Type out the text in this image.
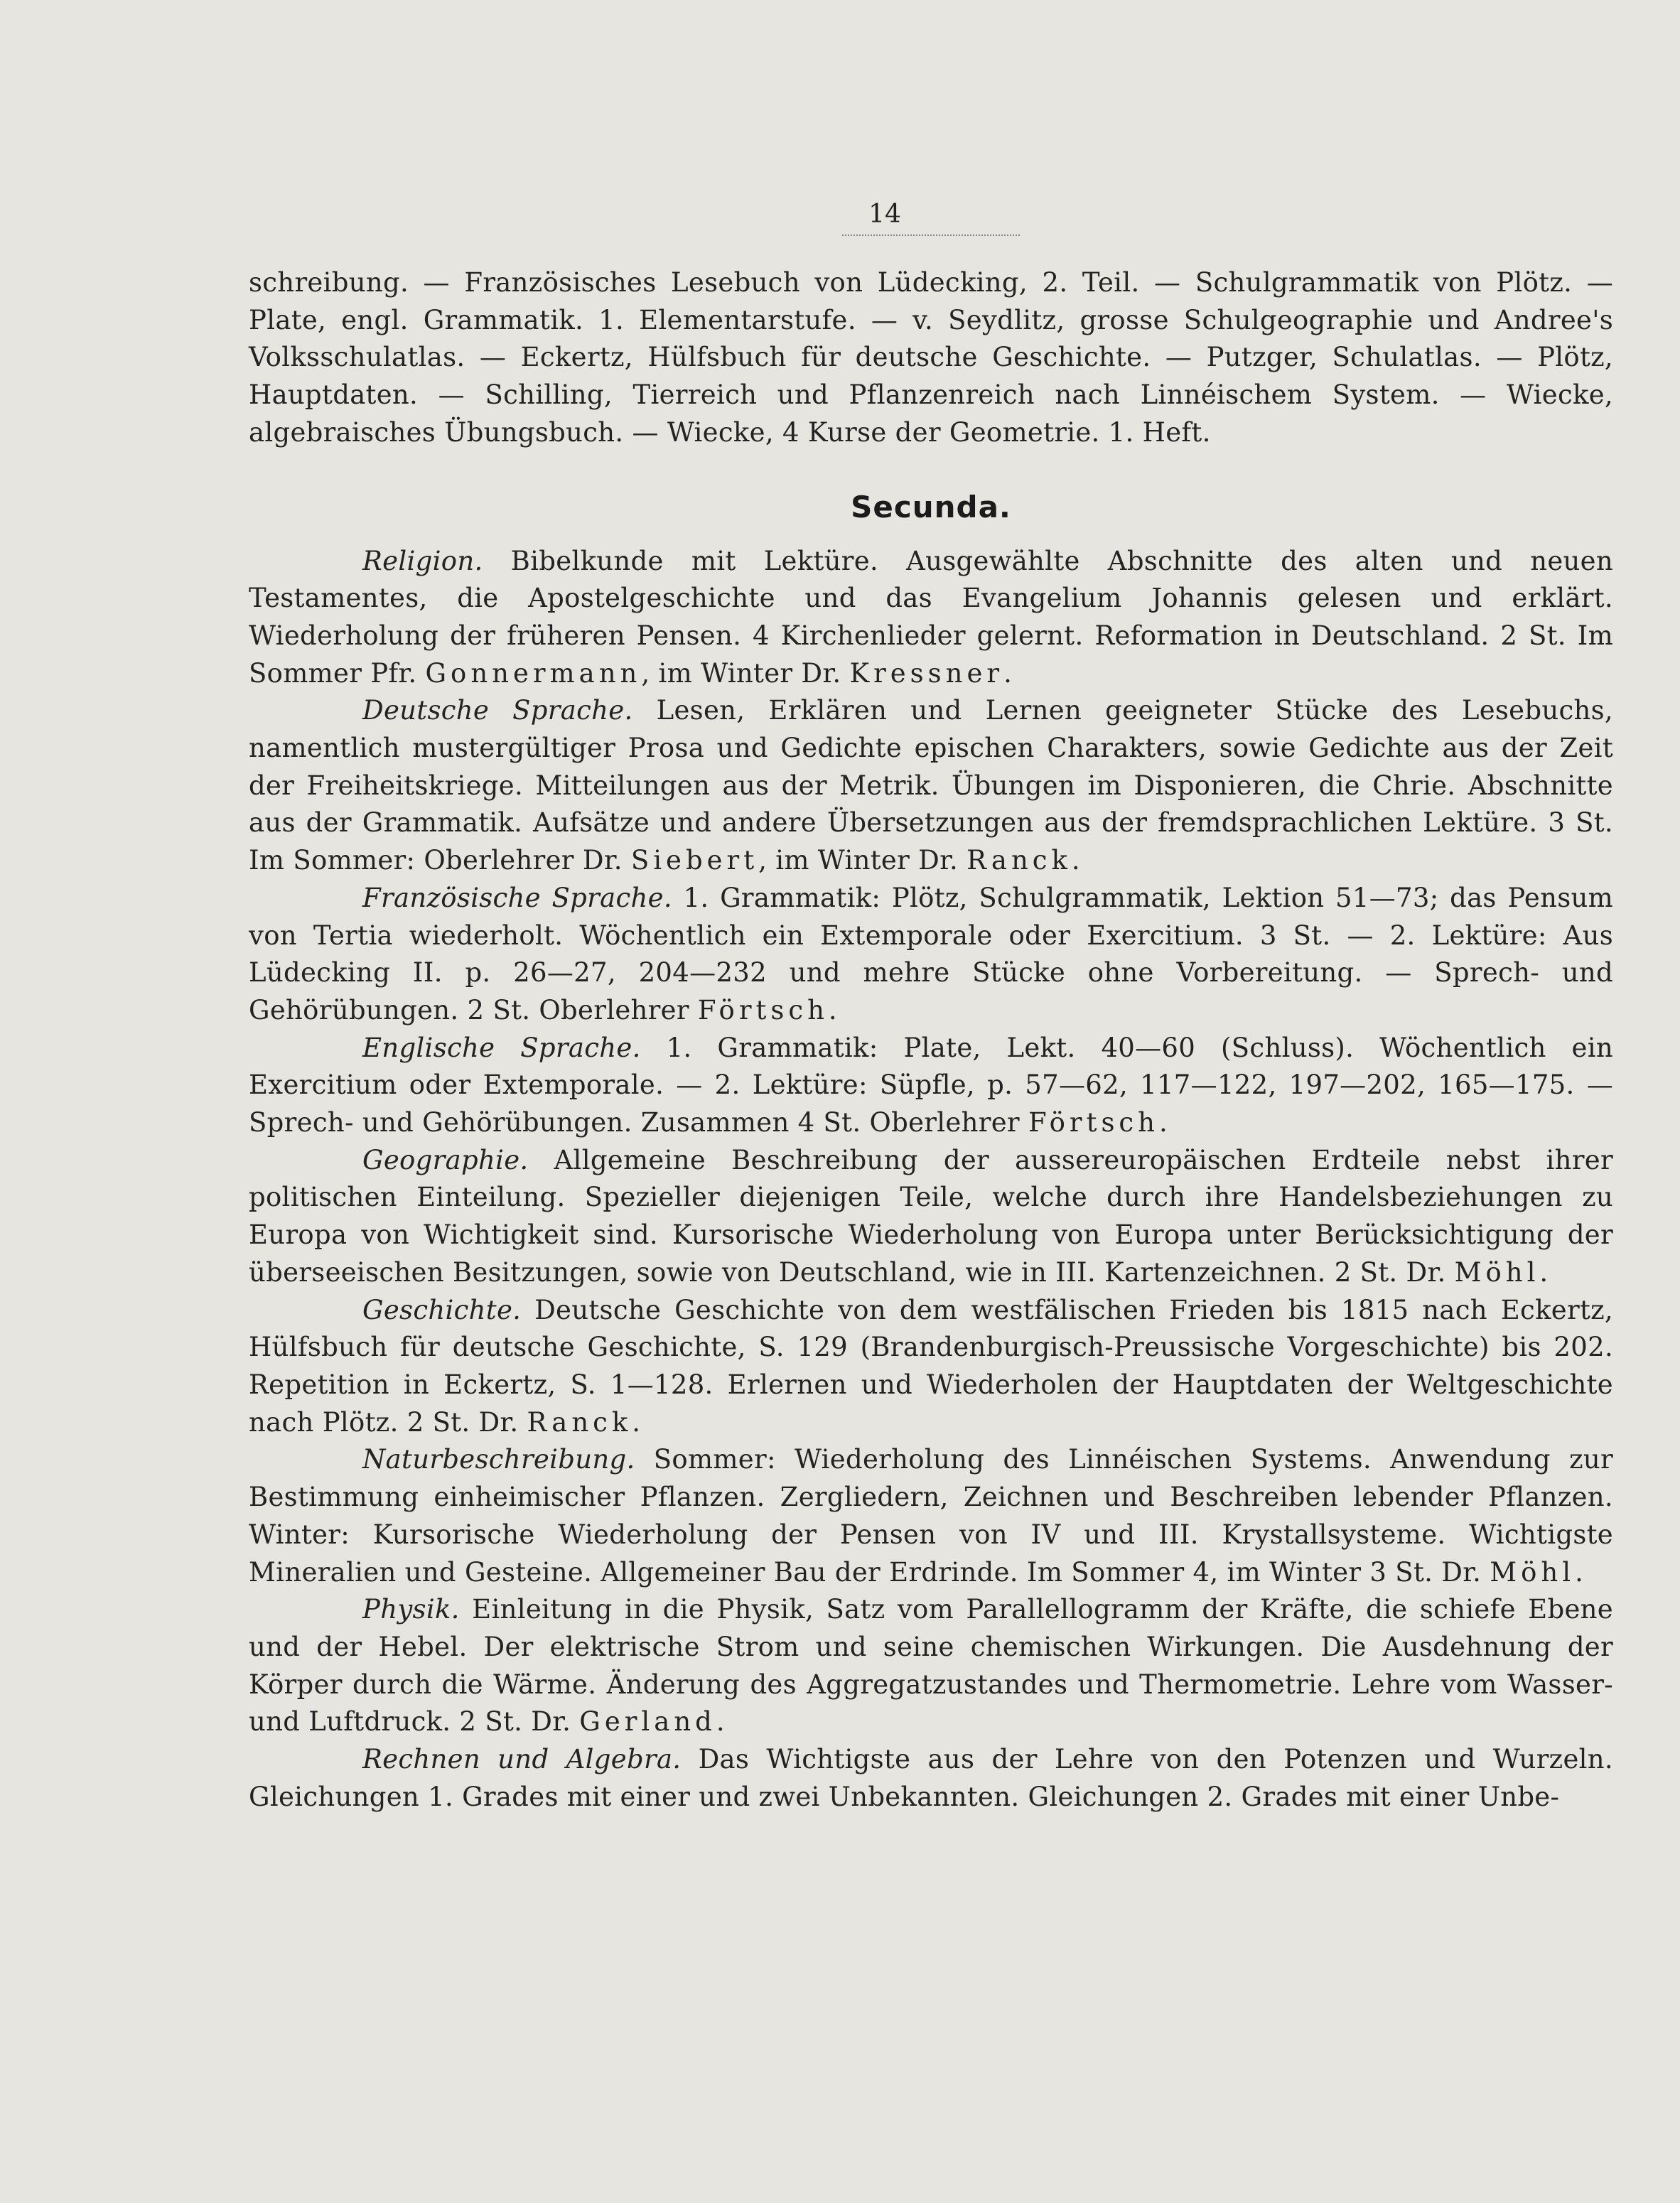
14

schreibung. — Französisches Lesebuch von Lüdecking, 2. Teil. — Schulgrammatik von Plötz. — Plate, engl. Grammatik. 1. Elementarstufe. — v. Seydlitz, grosse Schulgeographie und Andree's Volksschulatlas. — Eckertz, Hülfsbuch für deutsche Geschichte. — Putzger, Schulatlas. — Plötz, Hauptdaten. — Schilling, Tierreich und Pflanzenreich nach Linnéischem System. — Wiecke, algebraisches Übungsbuch. — Wiecke, 4 Kurse der Geometrie. 1. Heft.

Secunda.

Religion. Bibelkunde mit Lektüre. Ausgewählte Abschnitte des alten und neuen Testamentes, die Apostelgeschichte und das Evangelium Johannis gelesen und erklärt. Wiederholung der früheren Pensen. 4 Kirchenlieder gelernt. Reformation in Deutschland. 2 St. Im Sommer Pfr. Gonnermann, im Winter Dr. Kressner.

Deutsche Sprache. Lesen, Erklären und Lernen geeigneter Stücke des Lesebuchs, namentlich mustergültiger Prosa und Gedichte epischen Charakters, sowie Gedichte aus der Zeit der Freiheitskriege. Mitteilungen aus der Metrik. Übungen im Disponieren, die Chrie. Abschnitte aus der Grammatik. Aufsätze und andere Übersetzungen aus der fremdsprachlichen Lektüre. 3 St. Im Sommer: Oberlehrer Dr. Siebert, im Winter Dr. Ranck.

Französische Sprache. 1. Grammatik: Plötz, Schulgrammatik, Lektion 51—73; das Pensum von Tertia wiederholt. Wöchentlich ein Extemporale oder Exercitium. 3 St. — 2. Lektüre: Aus Lüdecking II. p. 26—27, 204—232 und mehre Stücke ohne Vorbereitung. — Sprech- und Gehörübungen. 2 St. Oberlehrer Förtsch.

Englische Sprache. 1. Grammatik: Plate, Lekt. 40—60 (Schluss). Wöchentlich ein Exercitium oder Extemporale. — 2. Lektüre: Süpfle, p. 57—62, 117—122, 197—202, 165—175. — Sprech- und Gehörübungen. Zusammen 4 St. Oberlehrer Förtsch.

Geographie. Allgemeine Beschreibung der aussereuropäischen Erdteile nebst ihrer politischen Einteilung. Spezieller diejenigen Teile, welche durch ihre Handelsbeziehungen zu Europa von Wichtigkeit sind. Kursorische Wiederholung von Europa unter Berücksichtigung der überseeischen Besitzungen, sowie von Deutschland, wie in III. Kartenzeichnen. 2 St. Dr. Möhl.

Geschichte. Deutsche Geschichte von dem westfälischen Frieden bis 1815 nach Eckertz, Hülfsbuch für deutsche Geschichte, S. 129 (Brandenburgisch-Preussische Vorgeschichte) bis 202. Repetition in Eckertz, S. 1—128. Erlernen und Wiederholen der Hauptdaten der Weltgeschichte nach Plötz. 2 St. Dr. Ranck.

Naturbeschreibung. Sommer: Wiederholung des Linnéischen Systems. Anwendung zur Bestimmung einheimischer Pflanzen. Zergliedern, Zeichnen und Beschreiben lebender Pflanzen. Winter: Kursorische Wiederholung der Pensen von IV und III. Krystallsysteme. Wichtigste Mineralien und Gesteine. Allgemeiner Bau der Erdrinde. Im Sommer 4, im Winter 3 St. Dr. Möhl.

Physik. Einleitung in die Physik, Satz vom Parallellogramm der Kräfte, die schiefe Ebene und der Hebel. Der elektrische Strom und seine chemischen Wirkungen. Die Ausdehnung der Körper durch die Wärme. Änderung des Aggregatzustandes und Thermometrie. Lehre vom Wasser- und Luftdruck. 2 St. Dr. Gerland.

Rechnen und Algebra. Das Wichtigste aus der Lehre von den Potenzen und Wurzeln. Gleichungen 1. Grades mit einer und zwei Unbekannten. Gleichungen 2. Grades mit einer Unbe-
